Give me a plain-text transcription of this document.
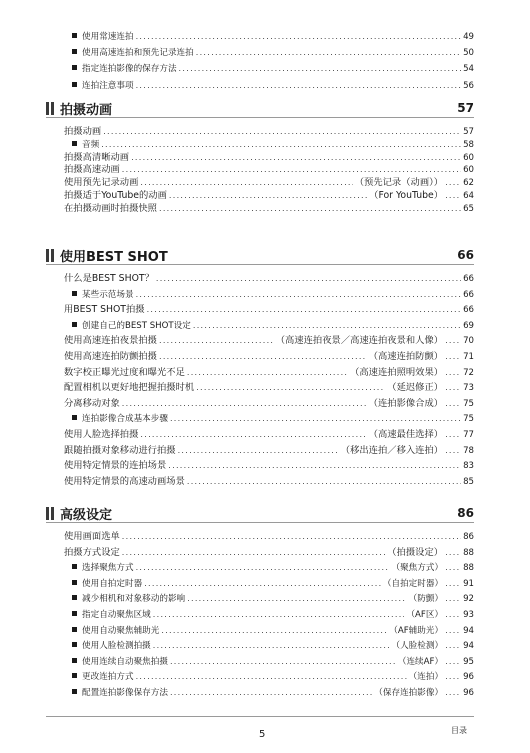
使用常速连拍 .....	49
使用高速连拍和预先记录连拍 .....	50
指定连拍影像的保存方法 .....	54
连拍注意事项 .....	56
拍摄动画	57
拍摄动画 .....	57
音频 .....	58
拍摄高清晰动画 .....	60
拍摄高速动画 .....	60
使用预先记录动画 .....	（预先记录（动画）） ..... 62
拍摄适于YouTube的动画 .....	（For YouTube） ..... 64
在拍摄动画时拍摄快照 .....	65
使用BEST SHOT	66
什么是BEST SHOT？ .....	66
某些示范场景 .....	66
用BEST SHOT拍摄 .....	66
创建自己的BEST SHOT设定 .....	69
使用高速连拍夜景拍摄 .....	（高速连拍夜景／高速连拍夜景和人像） ..... 70
使用高速连拍防颤拍摄 .....	（高速连拍防颤） ..... 71
数字校正曝光过度和曝光不足 .....	（高速连拍照明效果） ..... 72
配置相机以更好地把握拍摄时机 .....	（延迟修正） ..... 73
分离移动对象 .....	（连拍影像合成） ..... 75
连拍影像合成基本步骤 .....	75
使用人脸选择拍摄 .....	（高速最佳选择） ..... 77
跟随拍摄对象移动进行拍摄 .....	（移出连拍／移入连拍） ..... 78
使用特定情景的连拍场景 .....	83
使用特定情景的高速动画场景 .....	85
高级设定	86
使用画面选单 .....	86
拍摄方式设定 .....	（拍摄设定） ..... 88
选择聚焦方式 .....	（聚焦方式） ..... 88
使用自拍定时器 .....	（自拍定时器） ..... 91
减少相机和对象移动的影响 .....	（防颤） ..... 92
指定自动聚焦区域 .....	（AF区） ..... 93
使用自动聚焦辅助光 .....	（AF辅助光） ..... 94
使用人脸检测拍摄 .....	（人脸检测） ..... 94
使用连续自动聚焦拍摄 .....	（连续AF） ..... 95
更改连拍方式 .....	（连拍） ..... 96
配置连拍影像保存方法 .....	（保存连拍影像） ..... 96
5	目录
